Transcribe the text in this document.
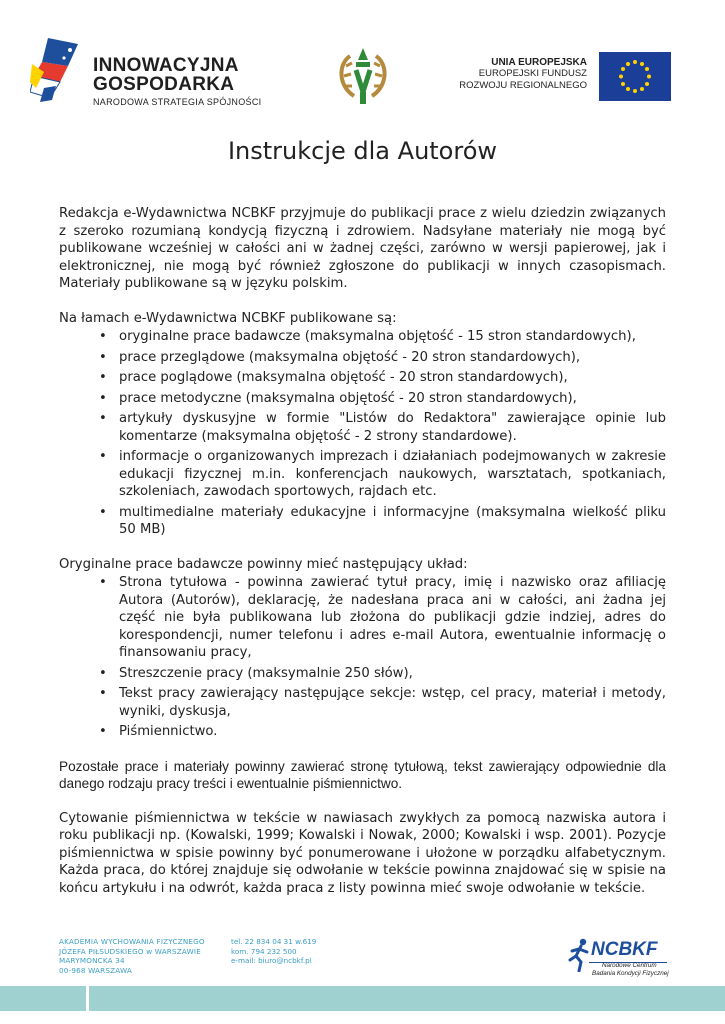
INNOWACYJNA
GOSPODARKA
NARODOWA STRATEGIA SPÓJNOŚCI
UNIA EUROPEJSKA
EUROPEJSKI FUNDUSZ
ROZWOJU REGIONALNEGO
Instrukcje dla Autorów

Redakcja e-Wydawnictwa NCBKF przyjmuje do publikacji prace z wielu dziedzin związanych z szeroko rozumianą kondycją fizyczną i zdrowiem. Nadsyłane materiały nie mogą być publikowane wcześniej w całości ani w żadnej części, zarówno w wersji papierowej, jak i elektronicznej, nie mogą być również zgłoszone do publikacji w innych czasopismach. Materiały publikowane są w języku polskim.

Na łamach e-Wydawnictwa NCBKF publikowane są:

• oryginalne prace badawcze (maksymalna objętość - 15 stron standardowych),
• prace przeglądowe (maksymalna objętość - 20 stron standardowych),
• prace poglądowe (maksymalna objętość - 20 stron standardowych),
• prace metodyczne (maksymalna objętość - 20 stron standardowych),
• artykuły dyskusyjne w formie "Listów do Redaktora" zawierające opinie lub komentarze (maksymalna objętość - 2 strony standardowe).
• informacje o organizowanych imprezach i działaniach podejmowanych w zakresie edukacji fizycznej m.in. konferencjach naukowych, warsztatach, spotkaniach, szkoleniach, zawodach sportowych, rajdach etc.
• multimedialne materiały edukacyjne i informacyjne (maksymalna wielkość pliku 50 MB)

Oryginalne prace badawcze powinny mieć następujący układ:

• Strona tytułowa - powinna zawierać tytuł pracy, imię i nazwisko oraz afiliację Autora (Autorów), deklarację, że nadesłana praca ani w całości, ani żadna jej część nie była publikowana lub złożona do publikacji gdzie indziej, adres do korespondencji, numer telefonu i adres e-mail Autora, ewentualnie informację o finansowaniu pracy,
• Streszczenie pracy (maksymalnie 250 słów),
• Tekst pracy zawierający następujące sekcje: wstęp, cel pracy, materiał i metody, wyniki, dyskusja,
• Piśmiennictwo.

Pozostałe prace i materiały powinny zawierać stronę tytułową, tekst zawierający odpowiednie dla danego rodzaju pracy treści i ewentualnie piśmiennictwo.

Cytowanie piśmiennictwa w tekście w nawiasach zwykłych za pomocą nazwiska autora i roku publikacji np. (Kowalski, 1999; Kowalski i Nowak, 2000; Kowalski i wsp. 2001). Pozycje piśmiennictwa w spisie powinny być ponumerowane i ułożone w porządku alfabetycznym. Każda praca, do której znajduje się odwołanie w tekście powinna znajdować się w spisie na końcu artykułu i na odwrót, każda praca z listy powinna mieć swoje odwołanie w tekście.

AKADEMIA WYCHOWANIA FIZYCZNEGO
JÓZEFA PIŁSUDSKIEGO w WARSZAWIE
MARYMONCKA 34
00-968 WARSZAWA
tel. 22 834 04 31 w.619
kom. 794 232 500
e-mail: biuro@ncbkf.pl
NCBKF
Narodowe Centrum
Badania Kondycji Fizycznej
